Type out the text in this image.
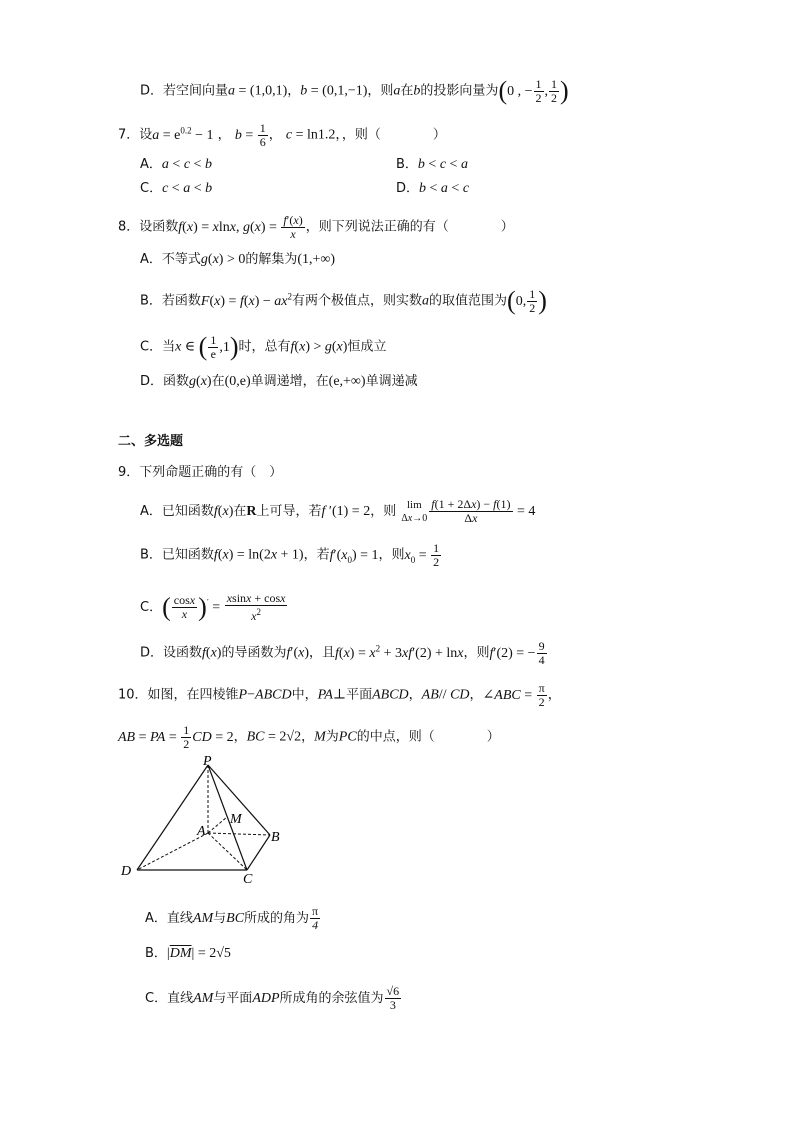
D．若空间向量a = (1,0,1)，b = (0,1,−1)，则a在b的投影向量为(0 , − $\frac{1}{2}$ , $\frac{1}{2}$ )
7．设$a = e^{0.2} - 1$ ， $b = \frac{1}{6}$ ， c = ln1.2，，则（　　　　）
A．a < c < b	B．b < c < a
C．c < a < b	D．b < a < c
8．设函数f(x) = xlnx, $g(x) = \frac{f'(x)}{x}$ ，则下列说法正确的有（　　　　）
A．不等式g(x) > 0的解集为(1,+∞)
B．若函数$F(x) = f(x) - ax^2$有两个极值点，则实数a的取值范围为(0, $\frac{1}{2}$ )
C．当x ∈ ( $\frac{1}{e} ,1$)时，总有f(x) > g(x)恒成立
D．函数g(x)在(0,e)单调递增，在(e,+∞)单调递减
二、多选题
9．下列命题正确的有（　）
A．已知函数f(x)在R上可导，若f ′(1) = 2，则 lim
$\Delta x\to 0 \frac{f(1 + 2\Delta x) - f(1)}{\Delta x} = 4$
B．已知函数f(x) = ln(2x + 1)，若$f'(x_0) = 1$，则$x_0 = \frac{1}{2}$
C．( $\frac{\cos x}{x} )' = \frac{xsinx + \cos x}{x^2}$
D．设函数f(x)的导函数为f′(x)，且$f(x) = x^2 + 3xf'(2) + \ln x$，则f′(2) = − $\frac{9}{4}$
10．如图，在四棱锥P−ABCD中，PA⊥平面ABCD，AB// CD，∠ABC = $\frac{\pi}{2}$ ，
AB = PA = $\frac{1}{2}$ CD = 2，BC = 2√2，M为PC的中点，则（　　　　）
P
A
M
B
C
D
A．直线AM与BC所成的角为 $\frac{\pi}{4}$
B．$|\overline{DM}| = 2√5$
C．直线AM与平面ADP所成角的余弦值为 $\frac{√6}{3}$
